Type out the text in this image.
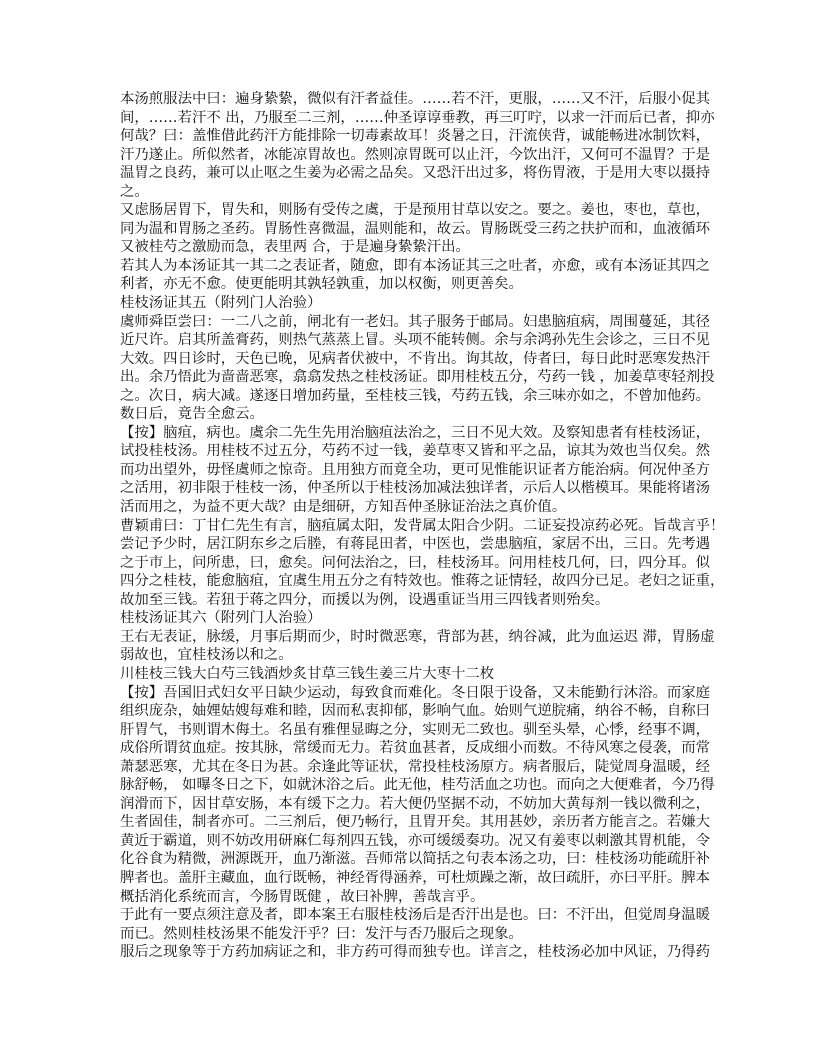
本汤煎服法中曰：遍身絷絷，微似有汗者益佳。……若不汗，更服，……又不汗，后服小促其
间，……若汗不 出，乃服至二三剂，……仲圣谆谆垂教，再三叮咛，以求一汗而后已者，抑亦
何哉？曰：盖惟借此药汗方能排除一切毒素故耳！炎暑之日，汗流侠背，诚能畅进冰制饮料，
汗乃遂止。所似然者，冰能凉胃故也。然则凉胃既可以止汗，今饮出汗，又何可不温胃？于是
温胃之良药，兼可以止呕之生姜为必需之品矣。又恐汗出过多，将伤胃液，于是用大枣以摄持
之。
又虑肠居胃下，胃失和，则肠有受传之虞，于是预用甘草以安之。要之。姜也，枣也，草也，
同为温和胃肠之圣药。胃肠性喜微温，温则能和，故云。胃肠既受三药之扶护而和，血液循环
又被桂芍之激励而急，表里两 合，于是遍身絷絷汗出。
若其人为本汤证其一其二之表证者，随愈，即有本汤证其三之吐者，亦愈，或有本汤证其四之
利者，亦无不愈。使更能明其孰轻孰重，加以权衡，则更善矣。
桂枝汤证其五（附列门人治验）
虞师舜臣尝曰：一二八之前，闸北有一老妇。其子服务于邮局。妇患脑疽病，周围蔓延，其径
近尺许。启其所盖膏药，则热气蒸蒸上冒。头项不能转侧。余与余鸿孙先生会诊之，三日不见
大效。四日诊时，天色已晚，见病者伏被中，不肯出。询其故，侍者曰，每日此时恶寒发热汗
出。余乃悟此为啬啬恶寒，翕翕发热之桂枝汤证。即用桂枝五分，芍药一钱 ，加姜草枣轻剂投
之。次日，病大减。遂逐日增加药量，至桂枝三钱，芍药五钱，余三味亦如之，不曾加他药。
数日后，竟告全愈云。
【按】脑疽，病也。虞余二先生先用治脑疽法治之，三日不见大效。及察知患者有桂枝汤证，
试投桂枝汤。用桂枝不过五分，芍药不过一钱，姜草枣又皆和平之品，谅其为效也当仅矣。然
而功出望外，毋怪虞师之惊奇。且用独方而竟全功，更可见惟能识证者方能治病。何况仲圣方
之活用，初非限于桂枝一汤，仲圣所以于桂枝汤加减法独详者，示后人以楷模耳。果能将诸汤
活而用之，为益不更大哉？由是细研，方知吾仲圣脉证治法之真价值。
曹颖甫曰：丁甘仁先生有言，脑疽属太阳，发背属太阳合少阴。二证妄投凉药必死。旨哉言乎！
尝记予少时，居江阴东乡之后塍，有蒋昆田者，中医也，尝患脑疽，家居不出，三日。先考遇
之于市上，问所患，曰，愈矣。问何法治之，曰，桂枝汤耳。问用桂枝几何，曰，四分耳。似
四分之桂枝，能愈脑疽，宜虞生用五分之有特效也。惟蒋之证情轻，故四分已足。老妇之证重，
故加至三钱。若狃于蒋之四分，而援以为例，设遇重证当用三四钱者则殆矣。
桂枝汤证其六（附列门人治验）
王右无表证，脉缓，月事后期而少，时时微恶寒，背部为甚，纳谷减，此为血运迟 滞，胃肠虚
弱故也，宜桂枝汤以和之。
川桂枝三钱大白芍三钱酒炒炙甘草三钱生姜三片大枣十二枚
【按】吾国旧式妇女平日缺少运动，每致食而难化。冬日限于设备，又未能勤行沐浴。而家庭
组织庞杂，妯娌姑嫂每难和睦，因而私衷抑郁，影响气血。始则气逆脘痛，纳谷不畅，自称曰
肝胃气，书则谓木侮土。名虽有雅俚显晦之分，实则无二致也。驯至头晕，心悸，经事不调，
成俗所谓贫血症。按其脉，常缓而无力。若贫血甚者，反成细小而数。不待风寒之侵袭，而常
萧瑟恶寒，尤其在冬日为甚。余逢此等证状，常投桂枝汤原方。病者服后，陡觉周身温暖，经
脉舒畅， 如曝冬日之下，如就沐浴之后。此无他，桂芍活血之功也。而向之大便难者，今乃得
润滑而下，因甘草安肠，本有缓下之力。若大便仍坚据不动，不妨加大黄每剂一钱以微利之，
生者固佳，制者亦可。二三剂后，便乃畅行，且胃开矣。其用甚妙，亲历者方能言之。若嫌大
黄近于霸道，则不妨改用研麻仁每剂四五钱，亦可缓缓奏功。况又有姜枣以刺激其胃机能，令
化谷食为精微，洲源既开，血乃渐滋。吾师常以简括之句表本汤之功，曰：桂枝汤功能疏肝补
脾者也。盖肝主藏血，血行既畅，神经胥得涵养，可杜烦躁之渐，故曰疏肝，亦曰平肝。脾本
概括消化系统而言，今肠胃既健 ，故曰补脾，善哉言乎。
于此有一要点须注意及者，即本案王右服桂枝汤后是否汗出是也。曰：不汗出，但觉周身温暖
而已。然则桂枝汤果不能发汗乎？曰：发汗与否乃服后之现象。
服后之现象等于方药加病证之和，非方药可得而独专也。详言之，桂枝汤必加中风证，乃得药
